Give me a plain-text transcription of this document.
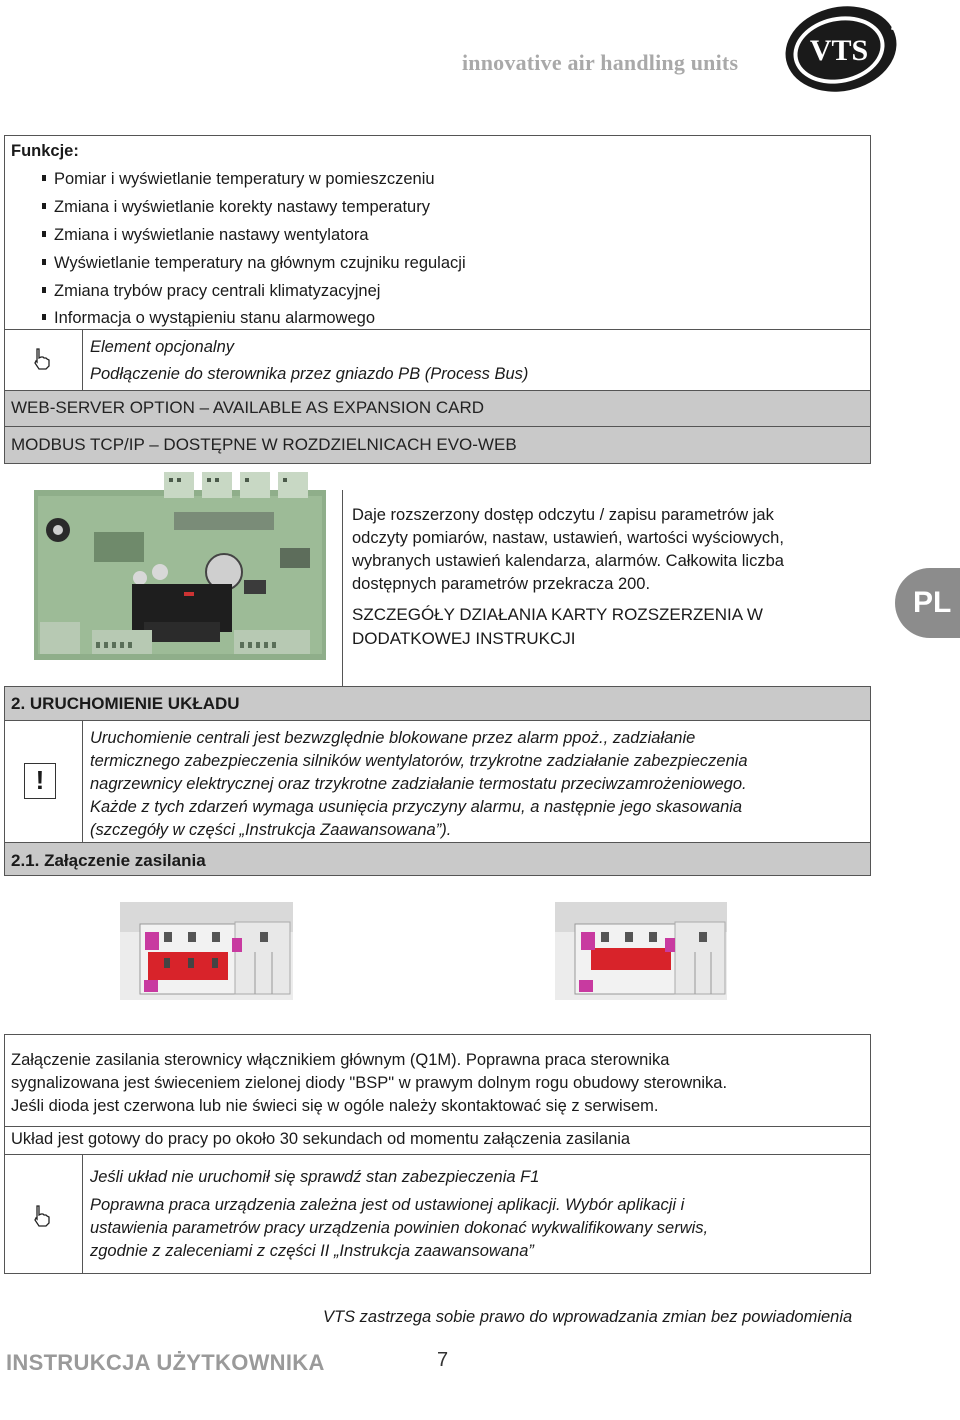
innovative air handling units VTS
Funkcje:
Pomiar i wyświetlanie temperatury w pomieszczeniu
Zmiana i wyświetlanie korekty nastawy temperatury
Zmiana i wyświetlanie nastawy wentylatora
Wyświetlanie temperatury na głównym czujniku regulacji
Zmiana trybów pracy centrali klimatyzacyjnej
Informacja o wystąpieniu stanu alarmowego
Element opcjonalny
Podłączenie do sterownika przez gniazdo PB (Process Bus)
WEB-SERVER OPTION – AVAILABLE AS EXPANSION CARD
MODBUS TCP/IP – DOSTĘPNE W ROZDZIELNICACH EVO-WEB
Daje rozszerzony dostęp odczytu / zapisu parametrów jak
odczyty pomiarów, nastaw, ustawień, wartości wyściowych,
wybranych ustawień kalendarza, alarmów. Całkowita liczba
dostępnych parametrów przekracza 200.
SZCZEGÓŁY DZIAŁANIA KARTY ROZSZERZENIA W
DODATKOWEJ INSTRUKCJI
PL
2. URUCHOMIENIE UKŁADU
!
Uruchomienie centrali jest bezwzględnie blokowane przez alarm ppoż., zadziałanie
termicznego zabezpieczenia silników wentylatorów, trzykrotne zadziałanie zabezpieczenia
nagrzewnicy elektrycznej oraz trzykrotne zadziałanie termostatu przeciwzamrożeniowego.
Każde z tych zdarzeń wymaga usunięcia przyczyny alarmu, a następnie jego skasowania
(szczegóły w części „Instrukcja Zaawansowana”).
2.1. Załączenie zasilania
Załączenie zasilania sterownicy włącznikiem głównym (Q1M). Poprawna praca sterownika
sygnalizowana jest świeceniem zielonej diody "BSP" w prawym dolnym rogu obudowy sterownika.
Jeśli dioda jest czerwona lub nie świeci się w ogóle należy skontaktować się z serwisem.
Układ jest gotowy do pracy po około 30 sekundach od momentu załączenia zasilania
Jeśli układ nie uruchomił się sprawdź stan zabezpieczenia F1
Poprawna praca urządzenia zależna jest od ustawionej aplikacji. Wybór aplikacji i
ustawienia parametrów pracy urządzenia powinien dokonać wykwalifikowany serwis,
zgodnie z zaleceniami z części II „Instrukcja zaawansowana”
VTS zastrzega sobie prawo do wprowadzania zmian bez powiadomienia
INSTRUKCJA UŻYTKOWNIKA	7
